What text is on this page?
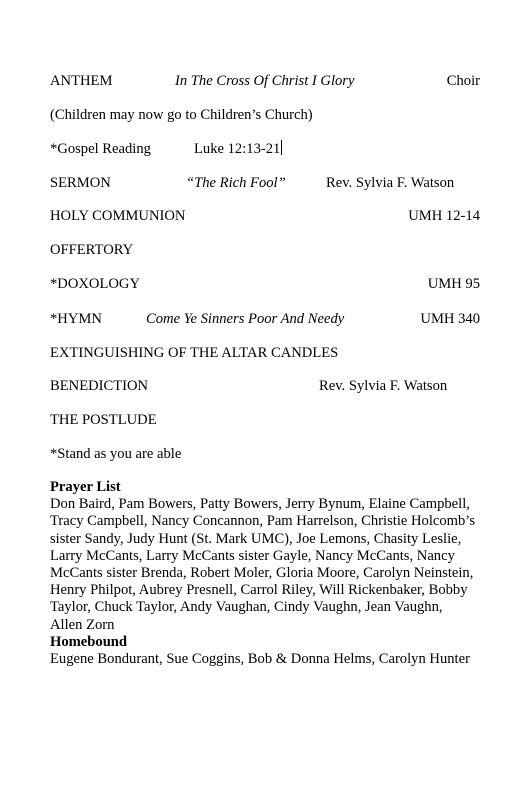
ANTHEM	In The Cross Of Christ I Glory	Choir
(Children may now go to Children’s Church)
*Gospel Reading	Luke 12:13-21
SERMON	“The Rich Fool”	Rev. Sylvia F. Watson
HOLY COMMUNION	UMH 12-14
OFFERTORY
*DOXOLOGY	UMH 95
*HYMN	Come Ye Sinners Poor And Needy	UMH 340
EXTINGUISHING OF THE ALTAR CANDLES
BENEDICTION	Rev. Sylvia F. Watson
THE POSTLUDE
*Stand as you are able
Prayer List
Don Baird, Pam Bowers, Patty Bowers, Jerry Bynum, Elaine Campbell,
Tracy Campbell, Nancy Concannon, Pam Harrelson, Christie Holcomb’s
sister Sandy, Judy Hunt (St. Mark UMC), Joe Lemons, Chasity Leslie,
Larry McCants, Larry McCants sister Gayle, Nancy McCants, Nancy
McCants sister Brenda, Robert Moler, Gloria Moore, Carolyn Neinstein,
Henry Philpot, Aubrey Presnell, Carrol Riley, Will Rickenbaker, Bobby
Taylor, Chuck Taylor, Andy Vaughan, Cindy Vaughn, Jean Vaughn,
Allen Zorn
Homebound
Eugene Bondurant, Sue Coggins, Bob & Donna Helms, Carolyn Hunter
